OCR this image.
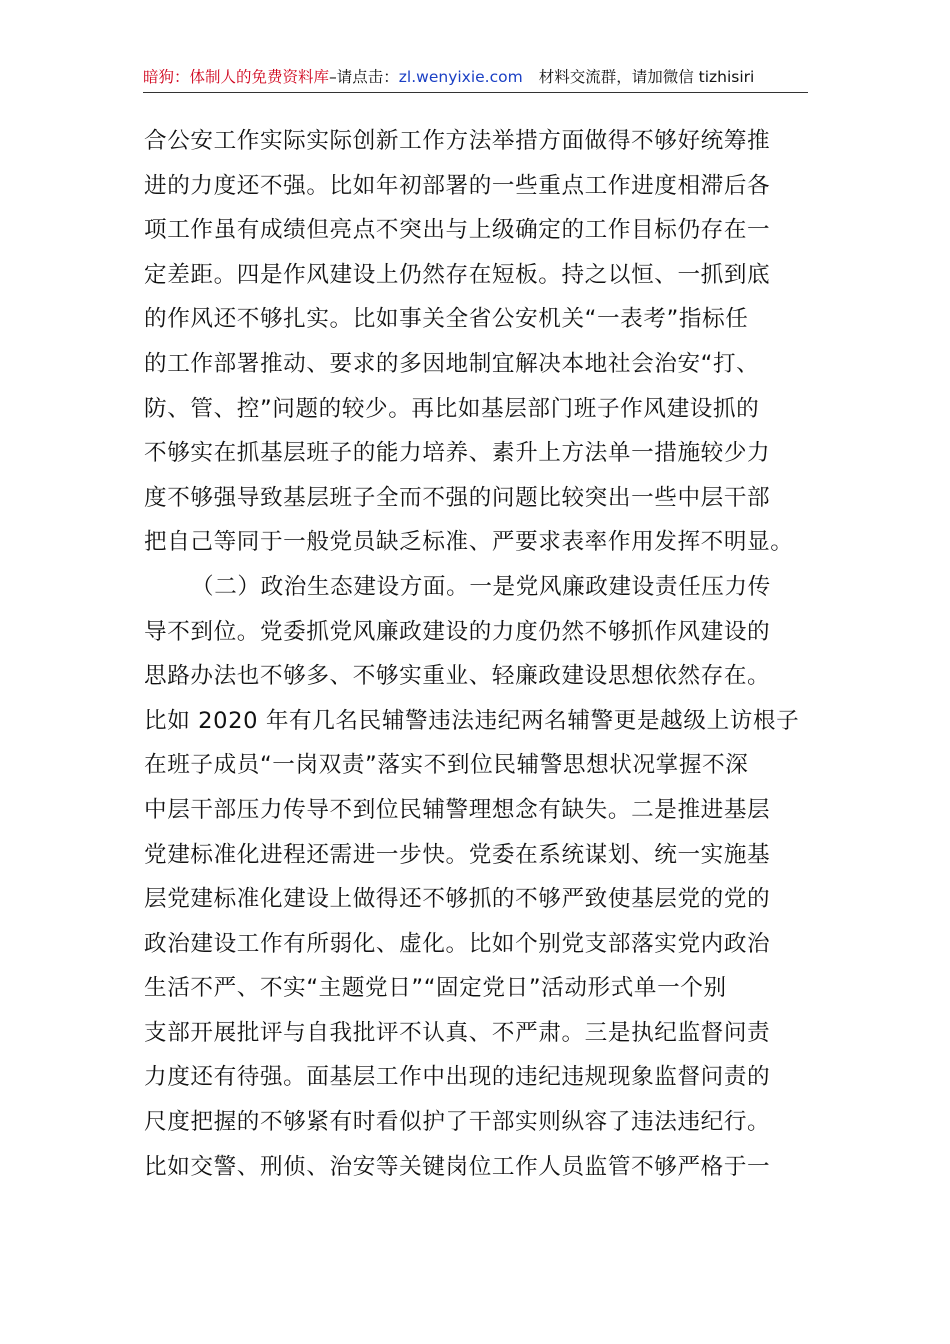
暗狗：体制人的免费资料库–请点击：zl.wenyixie.com 材料交流群，请加微信 tizhisiri
合公安工作实际实际创新工作方法举措方面做得不够好统筹推
进的力度还不强。比如年初部署的一些重点工作进度相滞后各
项工作虽有成绩但亮点不突出与上级确定的工作目标仍存在一
定差距。四是作风建设上仍然存在短板。持之以恒、一抓到底
的作风还不够扎实。比如事关全省公安机关“一表考”指标任
的工作部署推动、要求的多因地制宜解决本地社会治安“打、
防、管、控”问题的较少。再比如基层部门班子作风建设抓的
不够实在抓基层班子的能力培养、素升上方法单一措施较少力
度不够强导致基层班子全而不强的问题比较突出一些中层干部
把自己等同于一般党员缺乏标准、严要求表率作用发挥不明显。
（二）政治生态建设方面。一是党风廉政建设责任压力传
导不到位。党委抓党风廉政建设的力度仍然不够抓作风建设的
思路办法也不够多、不够实重业、轻廉政建设思想依然存在。
比如 2020 年有几名民辅警违法违纪两名辅警更是越级上访根子
在班子成员“一岗双责”落实不到位民辅警思想状况掌握不深
中层干部压力传导不到位民辅警理想念有缺失。二是推进基层
党建标准化进程还需进一步快。党委在系统谋划、统一实施基
层党建标准化建设上做得还不够抓的不够严致使基层党的党的
政治建设工作有所弱化、虚化。比如个别党支部落实党内政治
生活不严、不实“主题党日”“固定党日”活动形式单一个别
支部开展批评与自我批评不认真、不严肃。三是执纪监督问责
力度还有待强。面基层工作中出现的违纪违规现象监督问责的
尺度把握的不够紧有时看似护了干部实则纵容了违法违纪行。
比如交警、刑侦、治安等关键岗位工作人员监管不够严格于一
